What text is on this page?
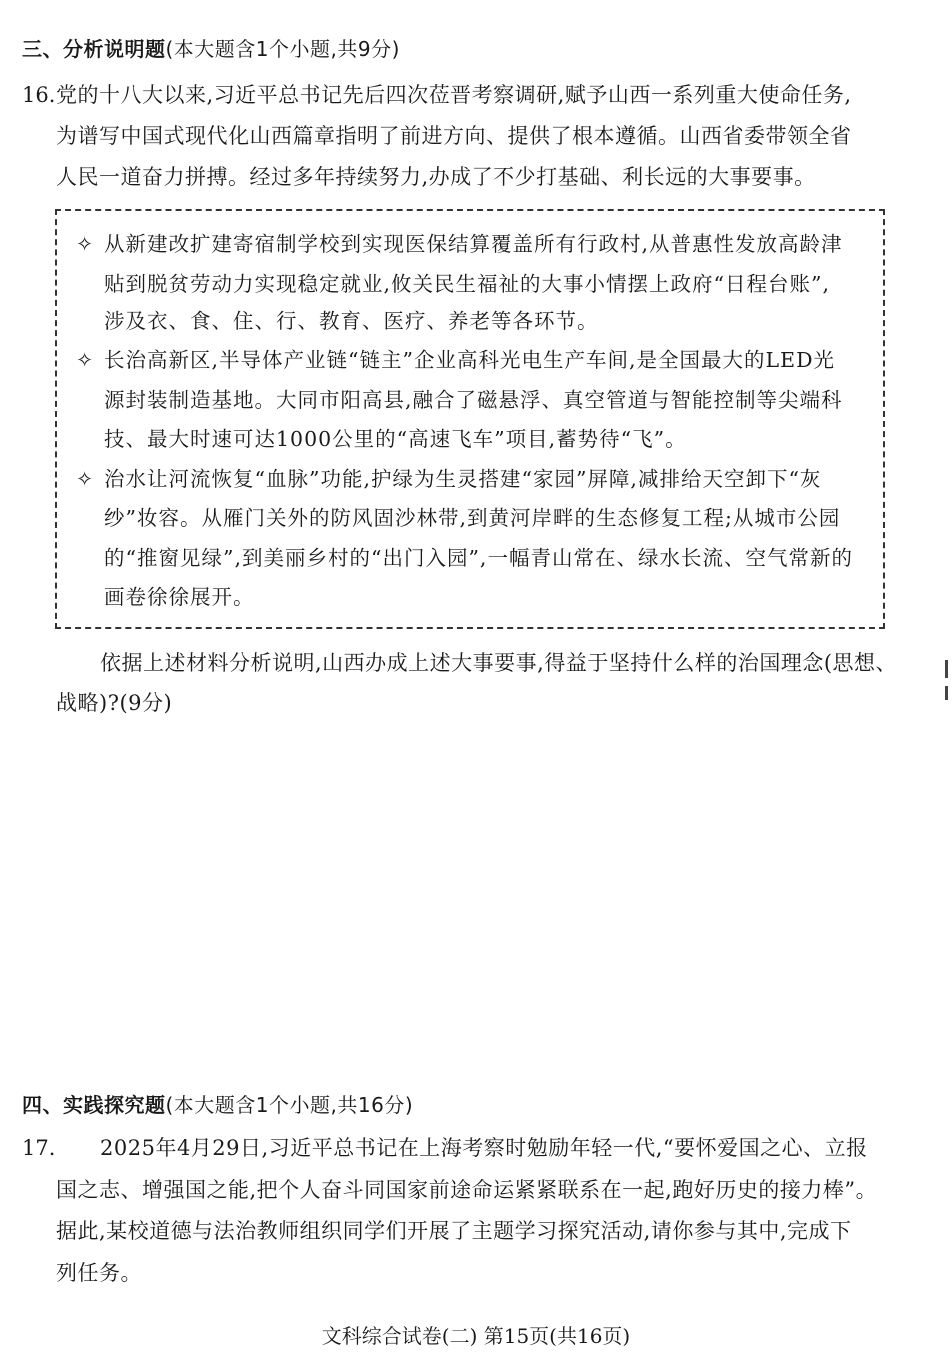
三、分析说明题(本大题含1个小题,共9分)
16. 党的十八大以来,习近平总书记先后四次莅晋考察调研,赋予山西一系列重大使命任务,
为谱写中国式现代化山西篇章指明了前进方向、提供了根本遵循。山西省委带领全省
人民一道奋力拼搏。经过多年持续努力,办成了不少打基础、利长远的大事要事。
✧ 从新建改扩建寄宿制学校到实现医保结算覆盖所有行政村,从普惠性发放高龄津
贴到脱贫劳动力实现稳定就业,攸关民生福祉的大事小情摆上政府“日程台账”,
涉及衣、食、住、行、教育、医疗、养老等各环节。
✧ 长治高新区,半导体产业链“链主”企业高科光电生产车间,是全国最大的LED光
源封装制造基地。大同市阳高县,融合了磁悬浮、真空管道与智能控制等尖端科
技、最大时速可达1000公里的“高速飞车”项目,蓄势待“飞”。
✧ 治水让河流恢复“血脉”功能,护绿为生灵搭建“家园”屏障,减排给天空卸下“灰
纱”妆容。从雁门关外的防风固沙林带,到黄河岸畔的生态修复工程;从城市公园
的“推窗见绿”,到美丽乡村的“出门入园”,一幅青山常在、绿水长流、空气常新的
画卷徐徐展开。
依据上述材料分析说明,山西办成上述大事要事,得益于坚持什么样的治国理念(思想、
战略)?(9分)
四、实践探究题(本大题含1个小题,共16分)
17. 2025年4月29日,习近平总书记在上海考察时勉励年轻一代,“要怀爱国之心、立报
国之志、增强国之能,把个人奋斗同国家前途命运紧紧联系在一起,跑好历史的接力棒”。
据此,某校道德与法治教师组织同学们开展了主题学习探究活动,请你参与其中,完成下
列任务。
文科综合试卷(二) 第15页(共16页)
